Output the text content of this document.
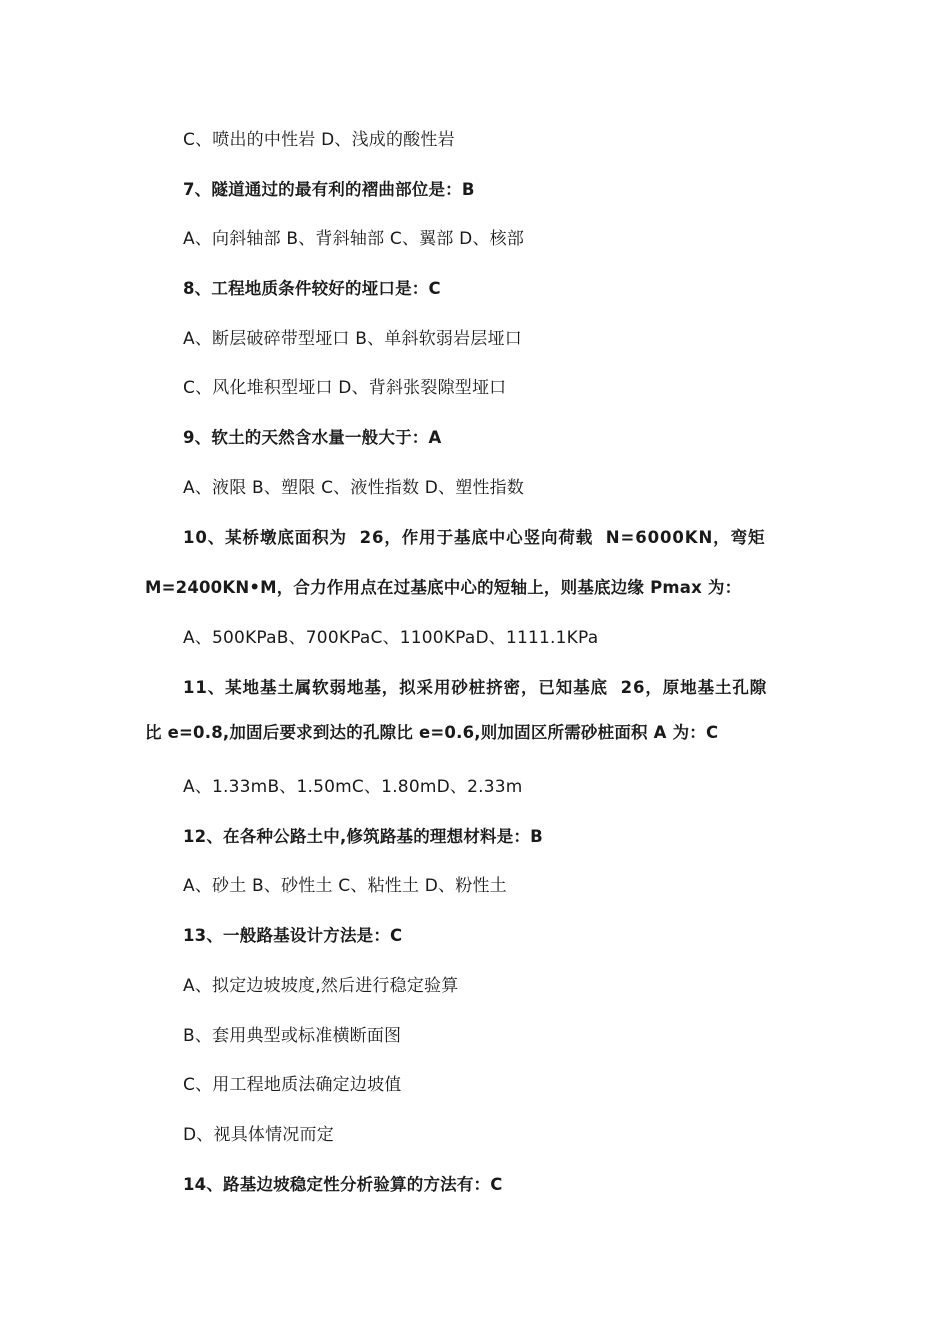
C、喷出的中性岩 D、浅成的酸性岩
7、隧道通过的最有利的褶曲部位是：B
A、向斜轴部 B、背斜轴部 C、翼部 D、核部
8、工程地质条件较好的垭口是：C
A、断层破碎带型垭口 B、单斜软弱岩层垭口
C、风化堆积型垭口 D、背斜张裂隙型垭口
9、软土的天然含水量一般大于：A
A、液限 B、塑限 C、液性指数 D、塑性指数
10、某桥墩底面积为 26，作用于基底中心竖向荷载 N=6000KN，弯矩
M=2400KN•M，合力作用点在过基底中心的短轴上，则基底边缘 Pmax 为：
A、500KPaB、700KPaC、1100KPaD、1111.1KPa
11、某地基土属软弱地基，拟采用砂桩挤密，已知基底 26，原地基土孔隙
比 e=0.8,加固后要求到达的孔隙比 e=0.6,则加固区所需砂桩面积 A 为：C
A、1.33mB、1.50mC、1.80mD、2.33m
12、在各种公路土中,修筑路基的理想材料是：B
A、砂土 B、砂性土 C、粘性土 D、粉性土
13、一般路基设计方法是：C
A、拟定边坡坡度,然后进行稳定验算
B、套用典型或标准横断面图
C、用工程地质法确定边坡值
D、视具体情况而定
14、路基边坡稳定性分析验算的方法有：C
